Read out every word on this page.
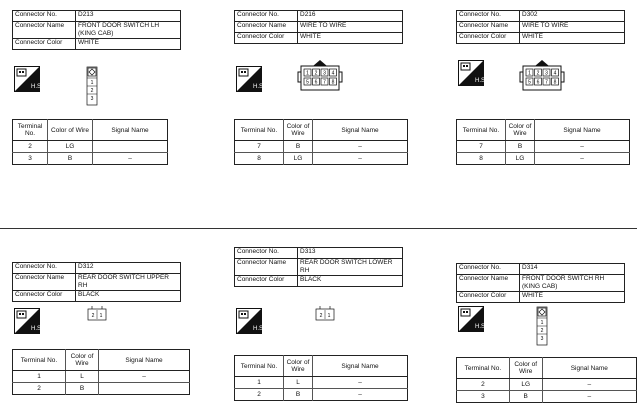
Connector No.	D213
Connector Name	FRONT DOOR SWITCH LH (KING CAB)
Connector Color	WHITE
H.S.
1
2
3
Terminal No.	Color of Wire	Signal Name
2	LG	
3	B	–
Connector No.	D216
Connector Name	WIRE TO WIRE
Connector Color	WHITE
H.S.
1 2 3 4
5 6 7 8
Terminal No.	Color of Wire	Signal Name
7	B	–
8	LG	–
Connector No.	D302
Connector Name	WIRE TO WIRE
Connector Color	WHITE
H.S.
1 2 3 4
5 6 7 8
Terminal No.	Color of Wire	Signal Name
7	B	–
8	LG	–
Connector No.	D312
Connector Name	REAR DOOR SWITCH UPPER RH
Connector Color	BLACK
H.S.
2 1
Terminal No.	Color of Wire	Signal Name
1	L	–
2	B	
Connector No.	D313
Connector Name	REAR DOOR SWITCH LOWER RH
Connector Color	BLACK
H.S.
2 1
Terminal No.	Color of Wire	Signal Name
1	L	–
2	B	–
Connector No.	D314
Connector Name	FRONT DOOR SWITCH RH (KING CAB)
Connector Color	WHITE
H.S.
1
2
3
Terminal No.	Color of Wire	Signal Name
2	LG	–
3	B	–
